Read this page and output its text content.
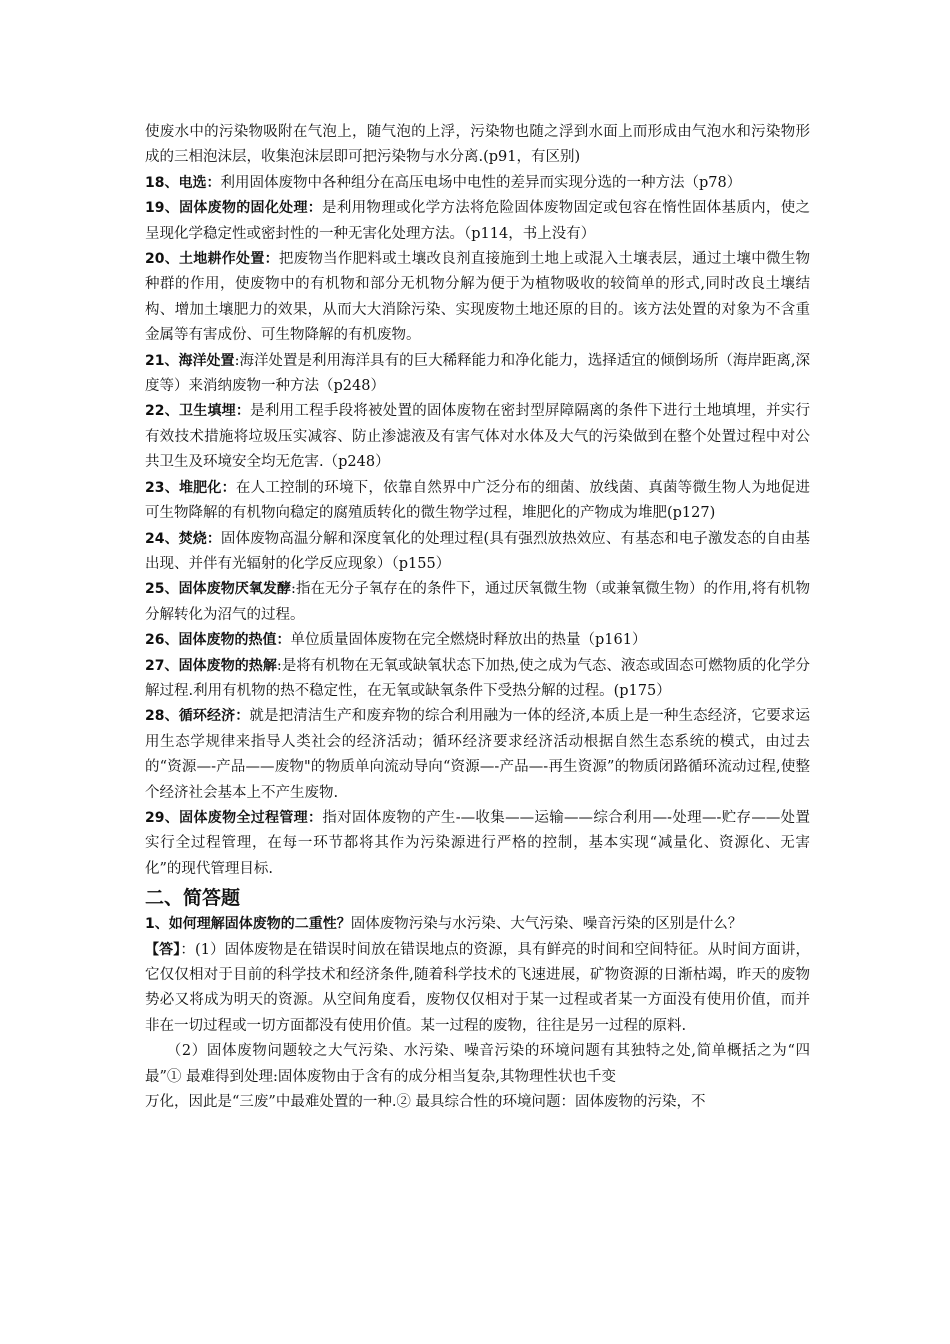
使废水中的污染物吸附在气泡上，随气泡的上浮，污染物也随之浮到水面上而形成由气泡水和污染物形成的三相泡沫层，收集泡沫层即可把污染物与水分离.(p91，有区别)

18、电选：利用固体废物中各种组分在高压电场中电性的差异而实现分选的一种方法（p78）

19、固体废物的固化处理：是利用物理或化学方法将危险固体废物固定或包容在惰性固体基质内，使之呈现化学稳定性或密封性的一种无害化处理方法。（p114，书上没有）

20、土地耕作处置：把废物当作肥料或土壤改良剂直接施到土地上或混入土壤表层，通过土壤中微生物种群的作用，使废物中的有机物和部分无机物分解为便于为植物吸收的较简单的形式,同时改良土壤结构、增加土壤肥力的效果，从而大大消除污染、实现废物土地还原的目的。该方法处置的对象为不含重金属等有害成份、可生物降解的有机废物。

21、海洋处置:海洋处置是利用海洋具有的巨大稀释能力和净化能力，选择适宜的倾倒场所（海岸距离,深度等）来消纳废物一种方法（p248）

22、卫生填埋：是利用工程手段将被处置的固体废物在密封型屏障隔离的条件下进行土地填埋，并实行有效技术措施将垃圾压实减容、防止渗滤液及有害气体对水体及大气的污染做到在整个处置过程中对公共卫生及环境安全均无危害.（p248）

23、堆肥化：在人工控制的环境下，依靠自然界中广泛分布的细菌、放线菌、真菌等微生物人为地促进可生物降解的有机物向稳定的腐殖质转化的微生物学过程，堆肥化的产物成为堆肥(p127)

24、焚烧：固体废物高温分解和深度氧化的处理过程(具有强烈放热效应、有基态和电子激发态的自由基出现、并伴有光辐射的化学反应现象）（p155）

25、固体废物厌氧发酵:指在无分子氧存在的条件下，通过厌氧微生物（或兼氧微生物）的作用,将有机物分解转化为沼气的过程。

26、固体废物的热值：单位质量固体废物在完全燃烧时释放出的热量（p161）

27、固体废物的热解:是将有机物在无氧或缺氧状态下加热,使之成为气态、液态或固态可燃物质的化学分解过程.利用有机物的热不稳定性，在无氧或缺氧条件下受热分解的过程。(p175）

28、循环经济：就是把清洁生产和废弃物的综合利用融为一体的经济,本质上是一种生态经济，它要求运用生态学规律来指导人类社会的经济活动；循环经济要求经济活动根据自然生态系统的模式，由过去的“资源—-产品——废物"的物质单向流动导向“资源—-产品—-再生资源”的物质闭路循环流动过程,使整个经济社会基本上不产生废物.

29、固体废物全过程管理：指对固体废物的产生-—收集——运输——综合利用—-处理—-贮存——处置实行全过程管理，在每一环节都将其作为污染源进行严格的控制，基本实现“减量化、资源化、无害化”的现代管理目标.

二、简答题

1、如何理解固体废物的二重性？固体废物污染与水污染、大气污染、噪音污染的区别是什么？

【答】：(1）固体废物是在错误时间放在错误地点的资源，具有鲜亮的时间和空间特征。从时间方面讲，它仅仅相对于目前的科学技术和经济条件,随着科学技术的飞速进展，矿物资源的日渐枯竭，昨天的废物势必又将成为明天的资源。从空间角度看，废物仅仅相对于某一过程或者某一方面没有使用价值，而并非在一切过程或一切方面都没有使用价值。某一过程的废物，往往是另一过程的原料.

（2）固体废物问题较之大气污染、水污染、噪音污染的环境问题有其独特之处,简单概括之为“四最”① 最难得到处理:固体废物由于含有的成分相当复杂,其物理性状也千变

万化，因此是“三废”中最难处置的一种.② 最具综合性的环境问题：固体废物的污染，不
